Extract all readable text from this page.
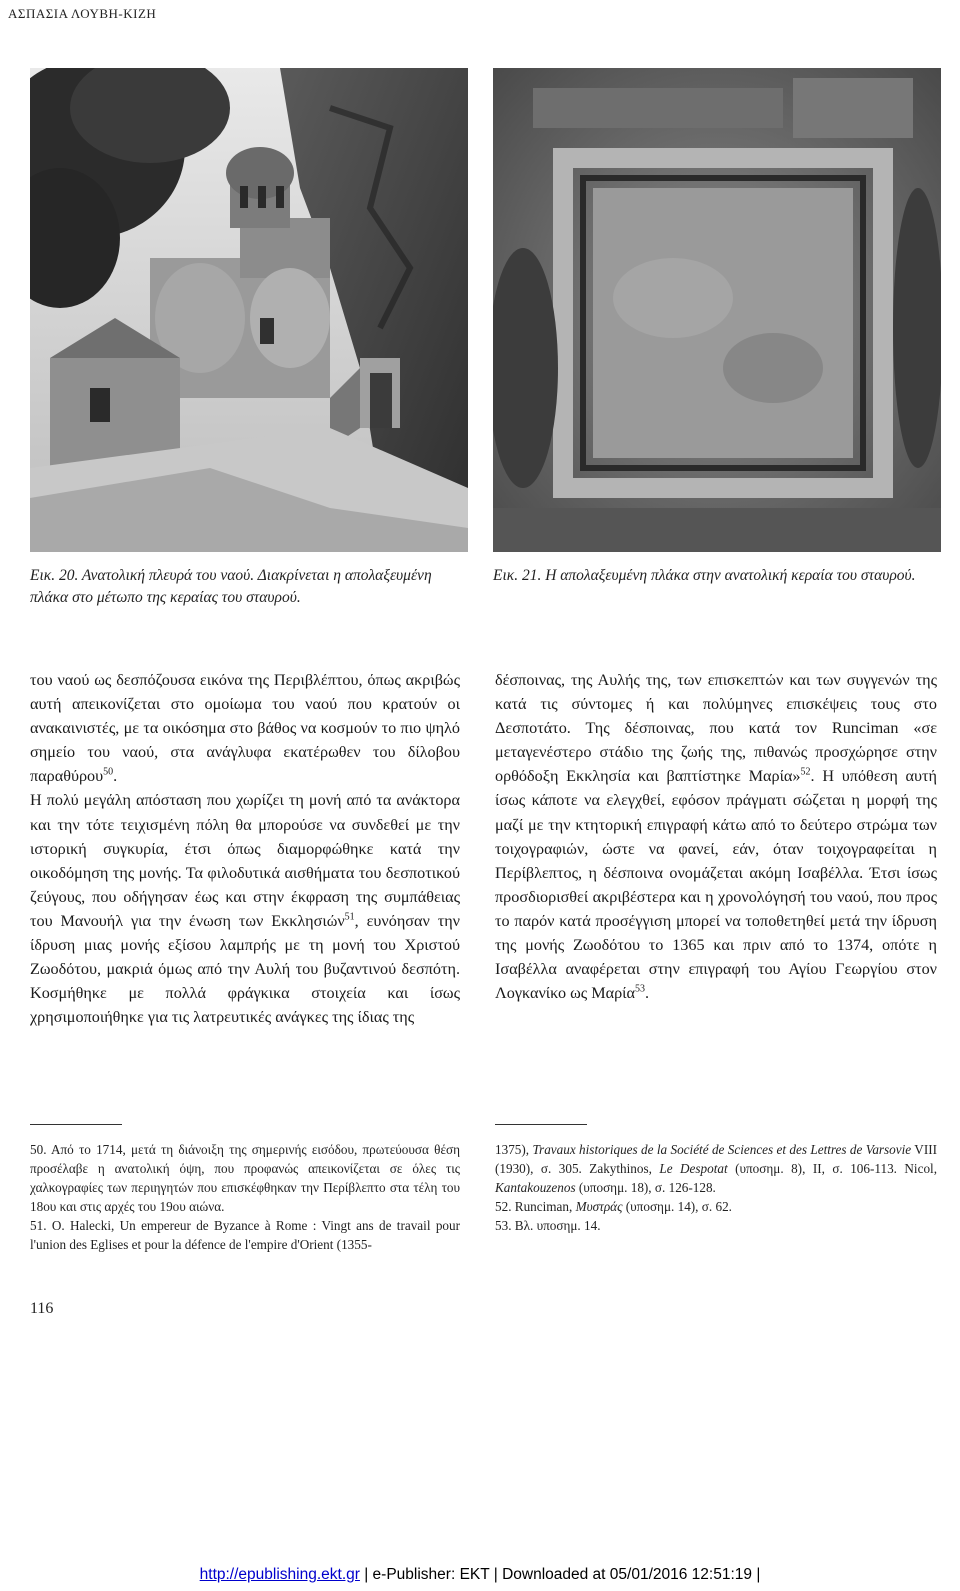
ΑΣΠΑΣΙΑ ΛΟΥΒΗ-ΚΙΖΗ
Εικ. 20. Ανατολική πλευρά του ναού. Διακρίνεται η απολαξευμένη πλάκα στο μέτωπο της κεραίας του σταυρού.
Εικ. 21. Η απολαξευμένη πλάκα στην ανατολική κεραία του σταυρού.
του ναού ως δεσπόζουσα εικόνα της Περιβλέπτου, όπως ακριβώς αυτή απεικονίζεται στο ομοίωμα του ναού που κρατούν οι ανακαινιστές, με τα οικόσημα στο βάθος να κοσμούν το πιο ψηλό σημείο του ναού, στα ανάγλυφα εκατέρωθεν του δίλοβου παραθύρου$^{50}$.
Η πολύ μεγάλη απόσταση που χωρίζει τη μονή από τα ανάκτορα και την τότε τειχισμένη πόλη θα μπορούσε να συνδεθεί με την ιστορική συγκυρία, έτσι όπως διαμορφώθηκε κατά την οικοδόμηση της μονής. Τα φιλοδυτικά αισθήματα του δεσποτικού ζεύγους, που οδήγησαν έως και στην έκφραση της συμπάθειας του Μανουήλ για την ένωση των Εκκλησιών$^{51}$, ευνόησαν την ίδρυση μιας μονής εξίσου λαμπρής με τη μονή του Χριστού Ζωοδότου, μακριά όμως από την Αυλή του βυζαντινού δεσπότη. Κοσμήθηκε με πολλά φράγκικα στοιχεία και ίσως χρησιμοποιήθηκε για τις λατρευτικές ανάγκες της ίδιας της
δέσποινας, της Αυλής της, των επισκεπτών και των συγγενών της κατά τις σύντομες ή και πολύμηνες επισκέψεις τους στο Δεσποτάτο. Της δέσποινας, που κατά τον Runciman «σε μεταγενέστερο στάδιο της ζωής της, πιθανώς προσχώρησε στην ορθόδοξη Εκκλησία και βαπτίστηκε Μαρία»$^{52}$. Η υπόθεση αυτή ίσως κάποτε να ελεγχθεί, εφόσον πράγματι σώζεται η μορφή της μαζί με την κτητορική επιγραφή κάτω από το δεύτερο στρώμα των τοιχογραφιών, ώστε να φανεί, εάν, όταν τοιχογραφείται η Περίβλεπτος, η δέσποινα ονομάζεται ακόμη Ισαβέλλα. Έτσι ίσως προσδιορισθεί ακριβέστερα και η χρονολόγησή του ναού, που προς το παρόν κατά προσέγγιση μπορεί να τοποθετηθεί μετά την ίδρυση της μονής Ζωοδότου το 1365 και πριν από το 1374, οπότε η Ισαβέλλα αναφέρεται στην επιγραφή του Αγίου Γεωργίου στον Λογκανίκο ως Μαρία$^{53}$.

50. Από το 1714, μετά τη διάνοιξη της σημερινής εισόδου, πρωτεύουσα θέση προσέλαβε η ανατολική όψη, που προφανώς απεικονίζεται σε όλες τις χαλκογραφίες των περιηγητών που επισκέφθηκαν την Περίβλεπτο στα τέλη του 18ου και στις αρχές του 19ου αιώνα.

51. O. Halecki, Un empereur de Byzance à Rome : Vingt ans de travail pour l'union des Eglises et pour la défence de l'empire d'Orient (1355-

1375), Travaux historiques de la Société de Sciences et des Lettres de Varsovie VIII (1930), σ. 305. Zakythinos, Le Despotat (υποσημ. 8), II, σ. 106-113. Nicol, Kantakouzenos (υποσημ. 18), σ. 126-128.

52. Runciman, Μυστράς (υποσημ. 14), σ. 62.

53. Βλ. υποσημ. 14.

116
http://epublishing.ekt.gr | e-Publisher: EKT | Downloaded at 05/01/2016 12:51:19 |
